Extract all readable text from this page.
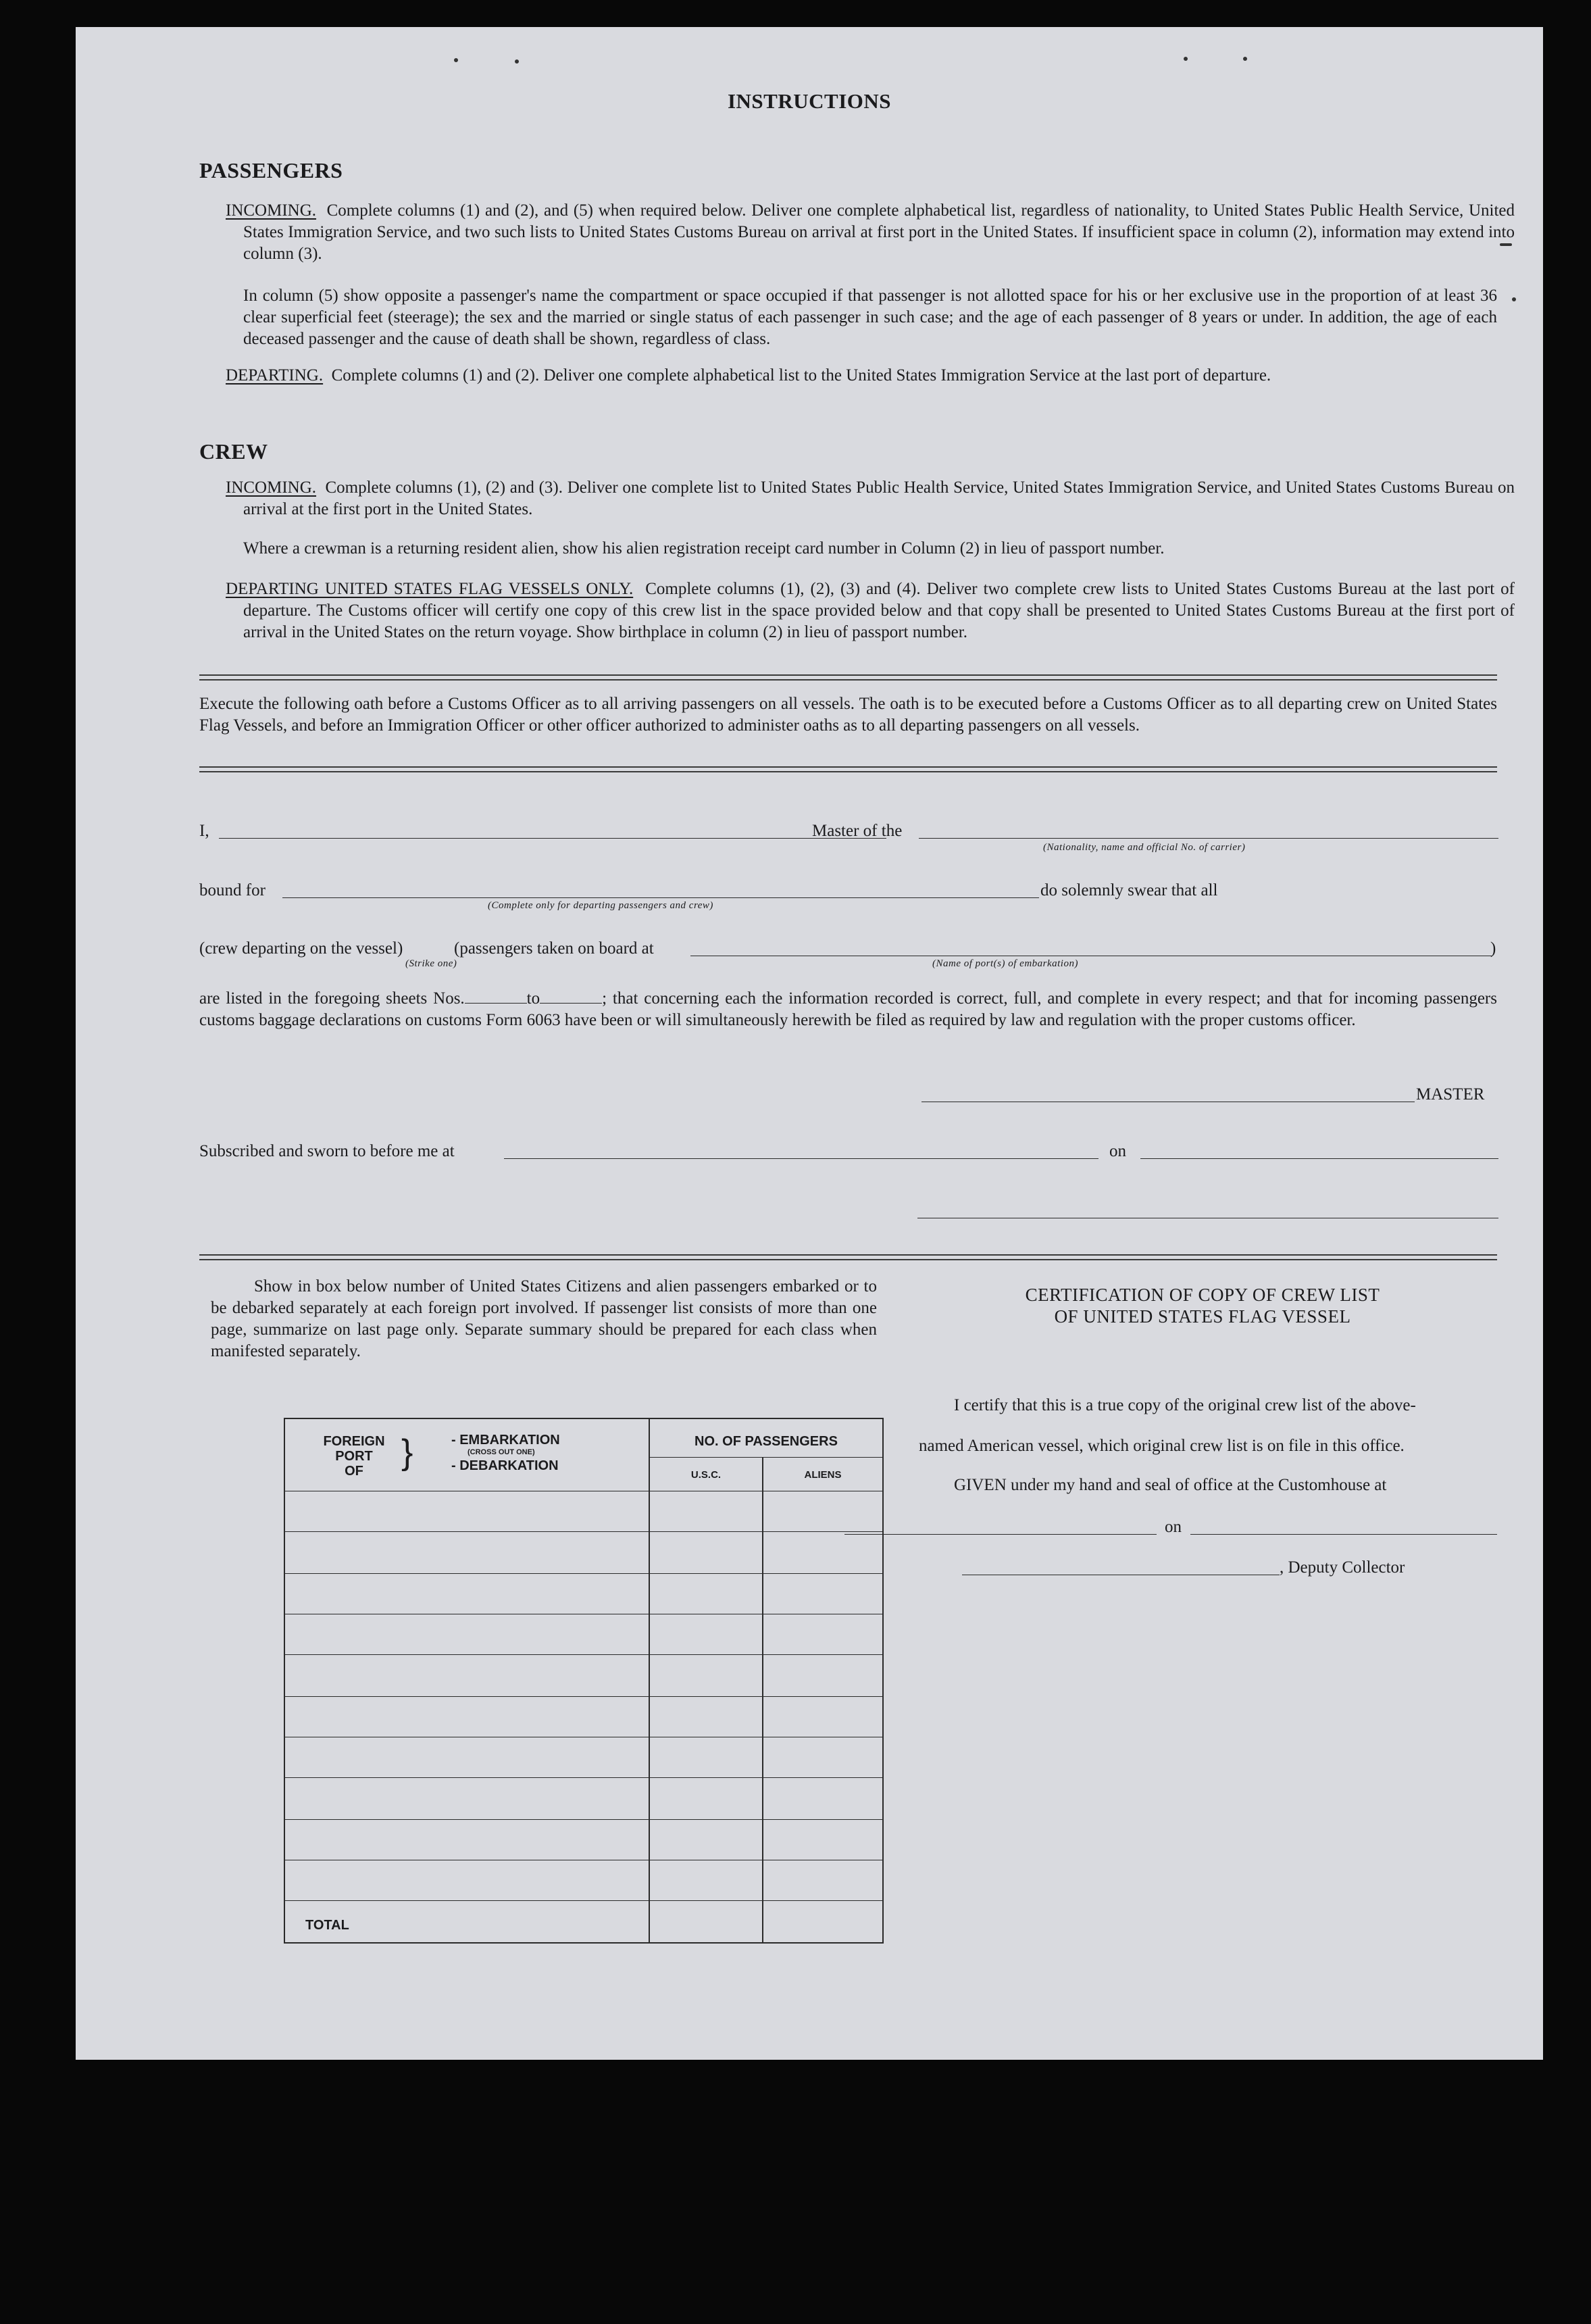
INSTRUCTIONS
PASSENGERS
INCOMING. Complete columns (1) and (2), and (5) when required below. Deliver one complete alphabetical list, regardless of nationality, to United States Public Health Service, United States Immigration Service, and two such lists to United States Customs Bureau on arrival at first port in the United States. If insufficient space in column (2), information may extend into column (3).
In column (5) show opposite a passenger's name the compartment or space occupied if that passenger is not allotted space for his or her exclusive use in the proportion of at least 36 clear superficial feet (steerage); the sex and the married or single status of each passenger in such case; and the age of each passenger of 8 years or under. In addition, the age of each deceased passenger and the cause of death shall be shown, regardless of class.
DEPARTING. Complete columns (1) and (2). Deliver one complete alphabetical list to the United States Immigration Service at the last port of departure.
CREW
INCOMING. Complete columns (1), (2) and (3). Deliver one complete list to United States Public Health Service, United States Immigration Service, and United States Customs Bureau on arrival at the first port in the United States.
Where a crewman is a returning resident alien, show his alien registration receipt card number in Column (2) in lieu of passport number.
DEPARTING UNITED STATES FLAG VESSELS ONLY. Complete columns (1), (2), (3) and (4). Deliver two complete crew lists to United States Customs Bureau at the last port of departure. The Customs officer will certify one copy of this crew list in the space provided below and that copy shall be presented to United States Customs Bureau at the first port of arrival in the United States on the return voyage. Show birthplace in column (2) in lieu of passport number.
Execute the following oath before a Customs Officer as to all arriving passengers on all vessels. The oath is to be executed before a Customs Officer as to all departing crew on United States Flag Vessels, and before an Immigration Officer or other officer authorized to administer oaths as to all departing passengers on all vessels.
I,	Master of the
(Nationality, name and official No. of carrier)
bound for	do solemnly swear that all
(Complete only for departing passengers and crew)
(crew departing on the vessel)	(passengers taken on board at	)
(Strike one)	(Name of port(s) of embarkation)
are listed in the foregoing sheets Nos.	to	; that concerning each the information recorded is correct, full, and complete in every respect; and that for incoming passengers customs baggage declarations on customs Form 6063 have been or will simultaneously herewith be filed as required by law and regulation with the proper customs officer.
MASTER
Subscribed and sworn to before me at	on
Show in box below number of United States Citizens and alien passengers embarked or to be debarked separately at each foreign port involved. If passenger list consists of more than one page, summarize on last page only. Separate summary should be prepared for each class when manifested separately.
FOREIGN
PORT
OF	}	- EMBARKATION
(CROSS OUT ONE)
- DEBARKATION
NO. OF PASSENGERS
U.S.C.	ALIENS
TOTAL
CERTIFICATION OF COPY OF CREW LIST
OF UNITED STATES FLAG VESSEL
I certify that this is a true copy of the original crew list of the above-
named American vessel, which original crew list is on file in this office.
GIVEN under my hand and seal of office at the Customhouse at
on
, Deputy Collector
